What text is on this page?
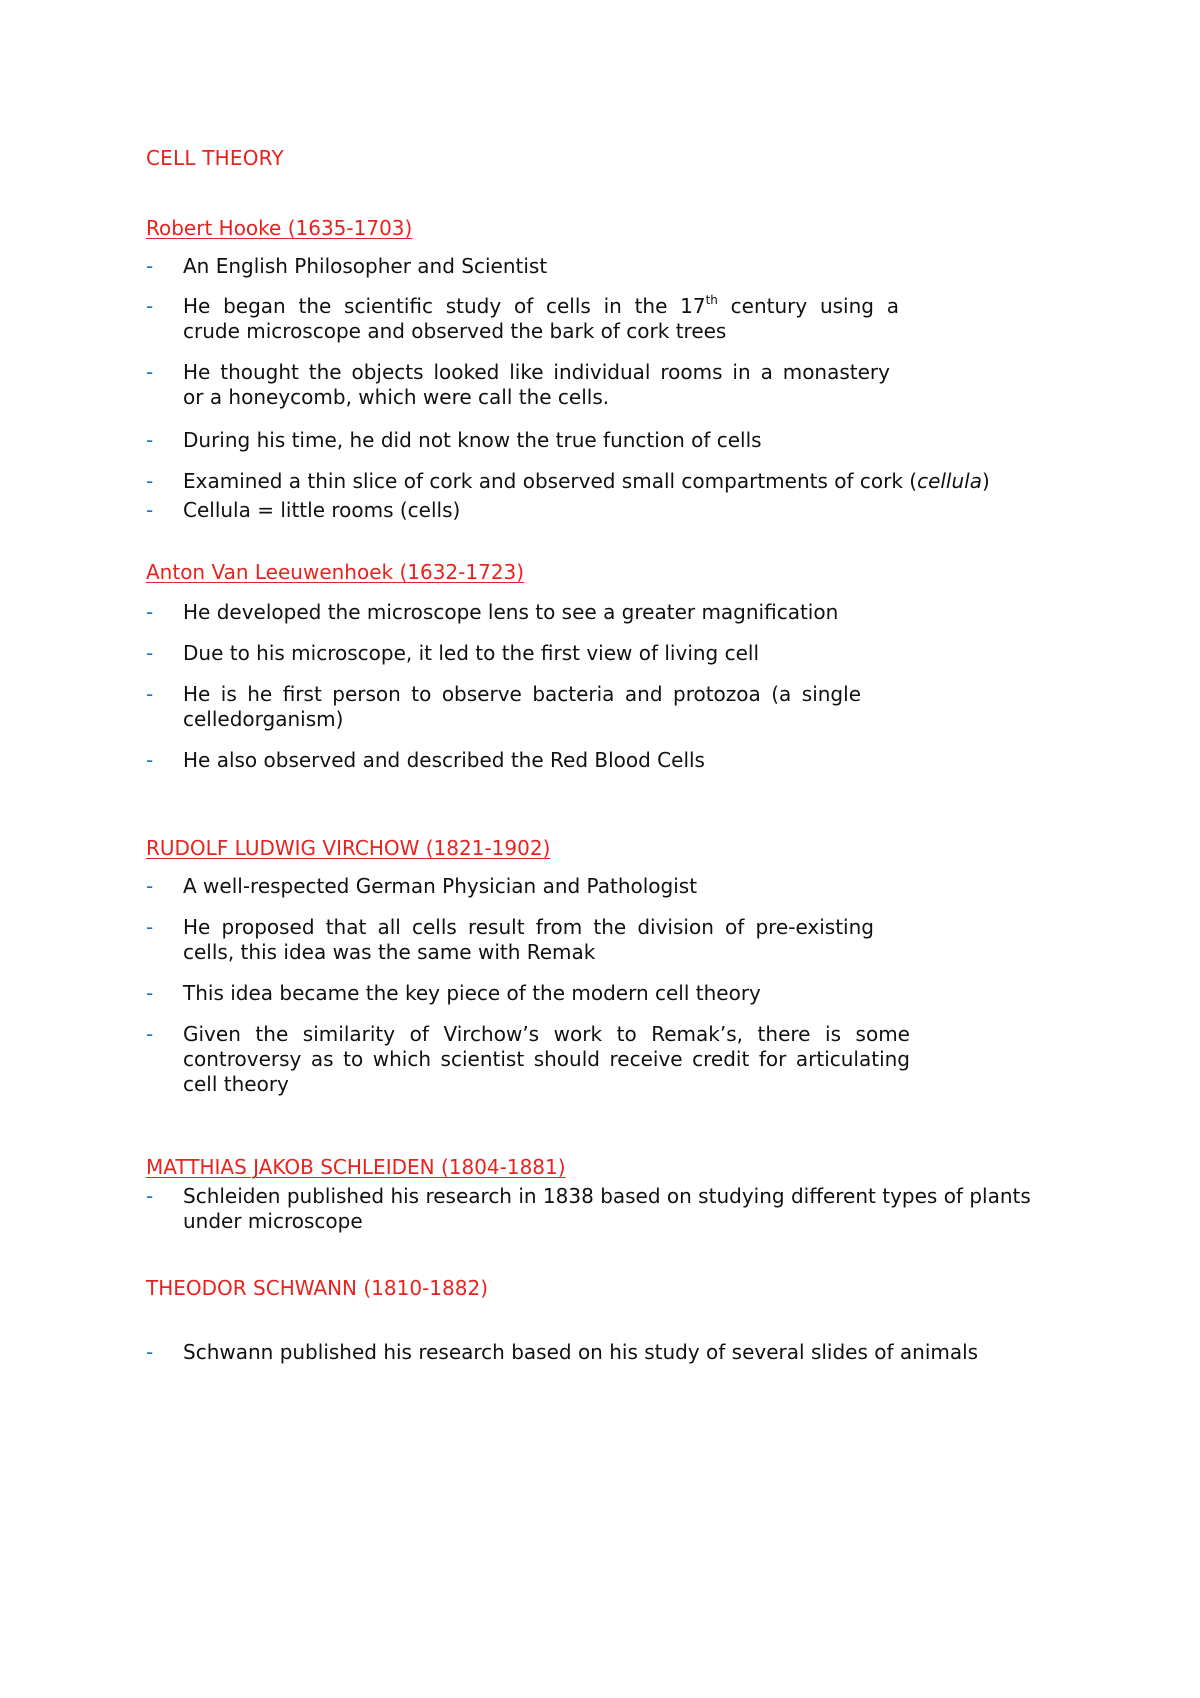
CELL THEORY
Robert Hooke (1635-1703)
- An English Philosopher and Scientist
- He began the scientific study of cells in the 17th century using a
crude microscope and observed the bark of cork trees
- He thought the objects looked like individual rooms in a monastery
or a honeycomb, which were call the cells.
- During his time, he did not know the true function of cells
- Examined a thin slice of cork and observed small compartments of cork (cellula)
- Cellula = little rooms (cells)
Anton Van Leeuwenhoek (1632-1723)
- He developed the microscope lens to see a greater magnification
- Due to his microscope, it led to the first view of living cell
- He is he first person to observe bacteria and protozoa (a single
celledorganism)
- He also observed and described the Red Blood Cells
RUDOLF LUDWIG VIRCHOW (1821-1902)
- A well-respected German Physician and Pathologist
- He proposed that all cells result from the division of pre-existing
cells, this idea was the same with Remak
- This idea became the key piece of the modern cell theory
- Given the similarity of Virchow’s work to Remak’s, there is some
controversy as to which scientist should receive credit for articulating
cell theory
MATTHIAS JAKOB SCHLEIDEN (1804-1881)
- Schleiden published his research in 1838 based on studying different types of plants
under microscope
THEODOR SCHWANN (1810-1882)
- Schwann published his research based on his study of several slides of animals
